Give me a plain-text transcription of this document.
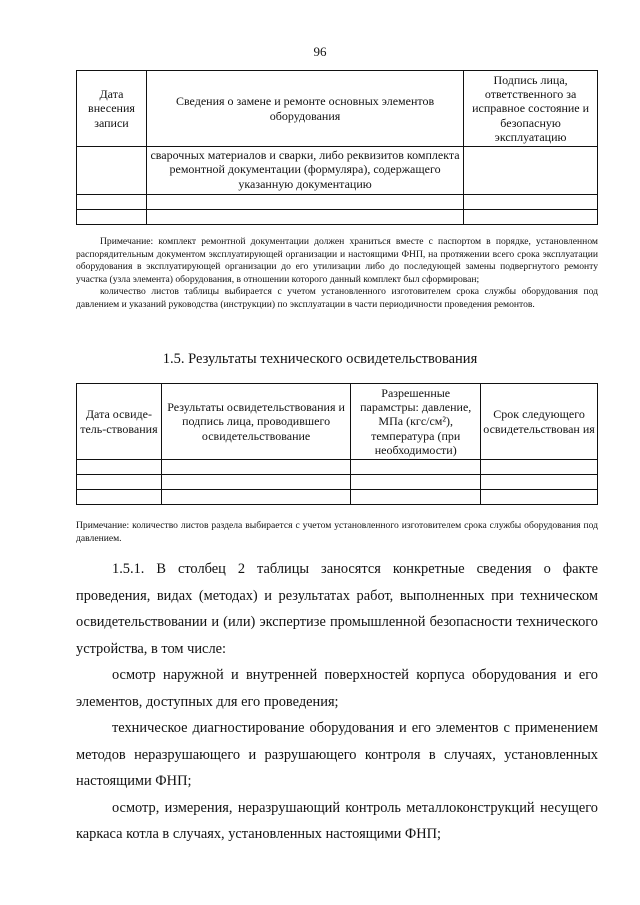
96
Дата внесения записи	Сведения о замене и ремонте основных элементов оборудования	Подпись лица, ответственного за исправное состояние и безопасную эксплуатацию
	сварочных материалов и сварки, либо реквизитов комплекта ремонтной документации (формуляра), содержащего указанную документацию	

Примечание: комплект ремонтной документации должен храниться вместе с паспортом в порядке, установленном распорядительным документом эксплуатирующей организации и настоящими ФНП, на протяжении всего срока эксплуатации оборудования в эксплуатирующей организации до его утилизации либо до последующей замены подвергнутого ремонту участка (узла элемента) оборудования, в отношении которого данный комплект был сформирован;

количество листов таблицы выбирается с учетом установленного изготовителем срока службы оборудования под давлением и указаний руководства (инструкции) по эксплуатации в части периодичности проведения ремонтов.

1.5. Результаты технического освидетельствования
Дата освиде-тель-ствования	Результаты освидетельствования и подпись лица, проводившего освидетельствование	Разрешенные парамстры: давление, МПа (кгс/см²), температура (при необходимости)	Срок следующего освидетельствован ия

Примечание: количество листов раздела выбирается с учетом установленного изготовителем срока службы оборудования под давлением.

1.5.1. В столбец 2 таблицы заносятся конкретные сведения о факте проведения, видах (методах) и результатах работ, выполненных при техническом освидетельствовании и (или) экспертизе промышленной безопасности технического устройства, в том числе:

осмотр наружной и внутренней поверхностей корпуса оборудования и его элементов, доступных для его проведения;

техническое диагностирование оборудования и его элементов с применением методов неразрушающего и разрушающего контроля в случаях, установленных настоящими ФНП;

осмотр, измерения, неразрушающий контроль металлоконструкций несущего каркаса котла в случаях, установленных настоящими ФНП;
